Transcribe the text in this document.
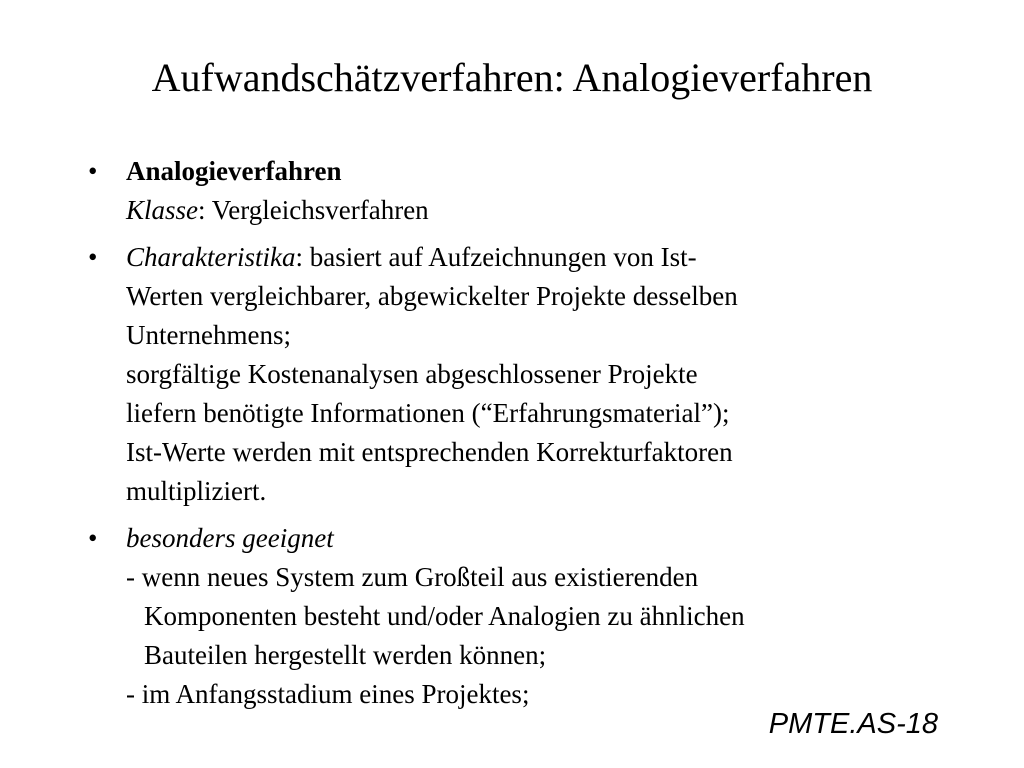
Aufwandschätzverfahren: Analogieverfahren
• Analogieverfahren
Klasse: Vergleichsverfahren
• Charakteristika: basiert auf Aufzeichnungen von Ist-
Werten vergleichbarer, abgewickelter Projekte desselben
Unternehmens;
sorgfältige Kostenanalysen abgeschlossener Projekte
liefern benötigte Informationen (“Erfahrungsmaterial”);
Ist-Werte werden mit entsprechenden Korrekturfaktoren
multipliziert.
• besonders geeignet
- wenn neues System zum Großteil aus existierenden
Komponenten besteht und/oder Analogien zu ähnlichen
Bauteilen hergestellt werden können;
- im Anfangsstadium eines Projektes;
PMTE.AS-18
